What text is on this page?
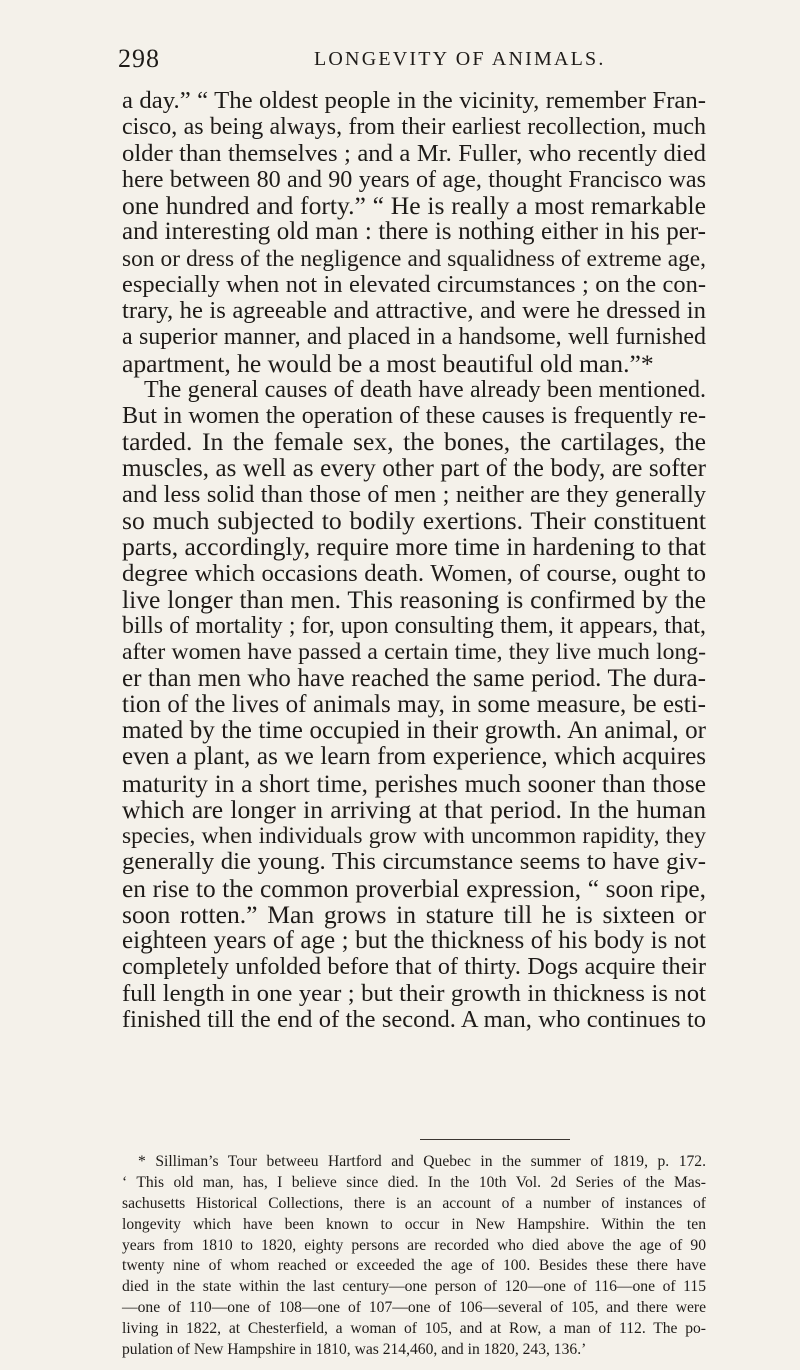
298	LONGEVITY OF ANIMALS.
a day.” “ The oldest people in the vicinity, remember Fran-
cisco, as being always, from their earliest recollection, much
older than themselves ; and a Mr. Fuller, who recently died
here between 80 and 90 years of age, thought Francisco was
one hundred and forty.” “ He is really a most remarkable
and interesting old man : there is nothing either in his per-
son or dress of the negligence and squalidness of extreme age,
especially when not in elevated circumstances ; on the con-
trary, he is agreeable and attractive, and were he dressed in
a superior manner, and placed in a handsome, well furnished
apartment, he would be a most beautiful old man.”*
The general causes of death have already been mentioned.
But in women the operation of these causes is frequently re-
tarded. In the female sex, the bones, the cartilages, the
muscles, as well as every other part of the body, are softer
and less solid than those of men ; neither are they generally
so much subjected to bodily exertions. Their constituent
parts, accordingly, require more time in hardening to that
degree which occasions death. Women, of course, ought to
live longer than men. This reasoning is confirmed by the
bills of mortality ; for, upon consulting them, it appears, that,
after women have passed a certain time, they live much long-
er than men who have reached the same period. The dura-
tion of the lives of animals may, in some measure, be esti-
mated by the time occupied in their growth. An animal, or
even a plant, as we learn from experience, which acquires
maturity in a short time, perishes much sooner than those
which are longer in arriving at that period. In the human
species, when individuals grow with uncommon rapidity, they
generally die young. This circumstance seems to have giv-
en rise to the common proverbial expression, “ soon ripe,
soon rotten.” Man grows in stature till he is sixteen or
eighteen years of age ; but the thickness of his body is not
completely unfolded before that of thirty. Dogs acquire their
full length in one year ; but their growth in thickness is not
finished till the end of the second. A man, who continues to
* Silliman’s Tour betweeu Hartford and Quebec in the summer of 1819, p. 172.
‘ This old man, has, I believe since died. In the 10th Vol. 2d Series of the Mas-
sachusetts Historical Collections, there is an account of a number of instances of
longevity which have been known to occur in New Hampshire. Within the ten
years from 1810 to 1820, eighty persons are recorded who died above the age of 90
twenty nine of whom reached or exceeded the age of 100. Besides these there have
died in the state within the last century—one person of 120—one of 116—one of 115
—one of 110—one of 108—one of 107—one of 106—several of 105, and there were
living in 1822, at Chesterfield, a woman of 105, and at Row, a man of 112. The po-
pulation of New Hampshire in 1810, was 214,460, and in 1820, 243, 136.’
